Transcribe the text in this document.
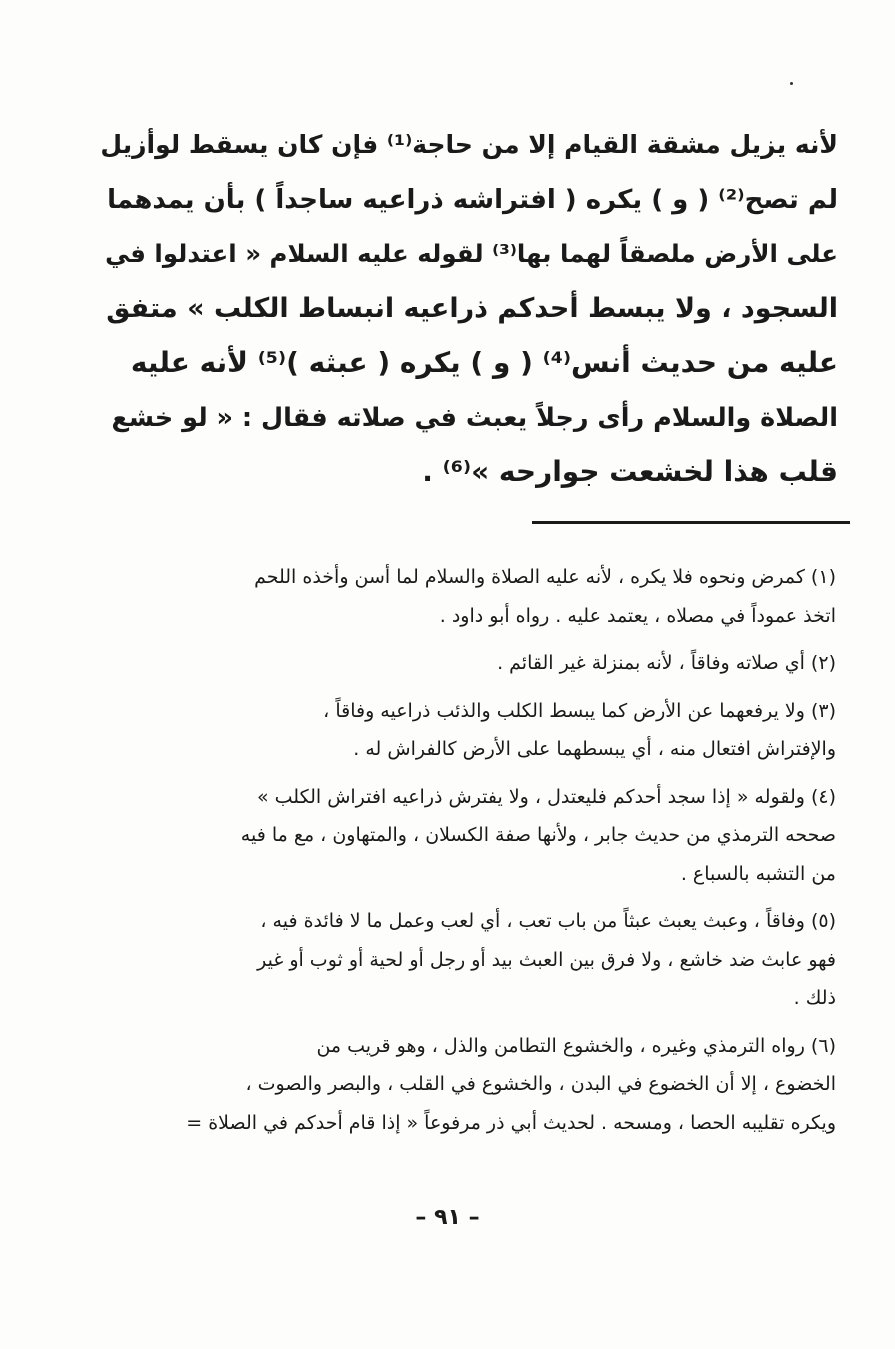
لأنه يزيل مشقة القيام إلا من حاجة⁽¹⁾ فإن كان يسقط لوأزيل
لم تصح⁽²⁾ ( و ) يكره ( افتراشه ذراعيه ساجداً ) بأن يمدهما
على الأرض ملصقاً لهما بها⁽³⁾ لقوله عليه السلام « اعتدلوا في
السجود ، ولا يبسط أحدكم ذراعيه انبساط الكلب » متفق
عليه من حديث أنس⁽⁴⁾ ( و ) يكره ( عبثه )⁽⁵⁾ لأنه عليه
الصلاة والسلام رأى رجلاً يعبث في صلاته فقال : « لو خشع
قلب هذا لخشعت جوارحه »⁽⁶⁾ .
(١) كمرض ونحوه فلا يكره ، لأنه عليه الصلاة والسلام لما أسن وأخذه اللحم
اتخذ عموداً في مصلاه ، يعتمد عليه . رواه أبو داود .
(٢) أي صلاته وفاقاً ، لأنه بمنزلة غير القائم .
(٣) ولا يرفعهما عن الأرض كما يبسط الكلب والذئب ذراعيه وفاقاً ،
والإفتراش افتعال منه ، أي يبسطهما على الأرض كالفراش له .
(٤) ولقوله « إذا سجد أحدكم فليعتدل ، ولا يفترش ذراعيه افتراش الكلب »
صححه الترمذي من حديث جابر ، ولأنها صفة الكسلان ، والمتهاون ، مع ما فيه
من التشبه بالسباع .
(٥) وفاقاً ، وعبث يعبث عبثاً من باب تعب ، أي لعب وعمل ما لا فائدة فيه ،
فهو عابث ضد خاشع ، ولا فرق بين العبث بيد أو رجل أو لحية أو ثوب أو غير
ذلك .
(٦) رواه الترمذي وغيره ، والخشوع التطامن والذل ، وهو قريب من
الخضوع ، إلا أن الخضوع في البدن ، والخشوع في القلب ، والبصر والصوت ،
ويكره تقليبه الحصا ، ومسحه . لحديث أبي ذر مرفوعاً « إذا قام أحدكم في الصلاة =
– ٩١ –
